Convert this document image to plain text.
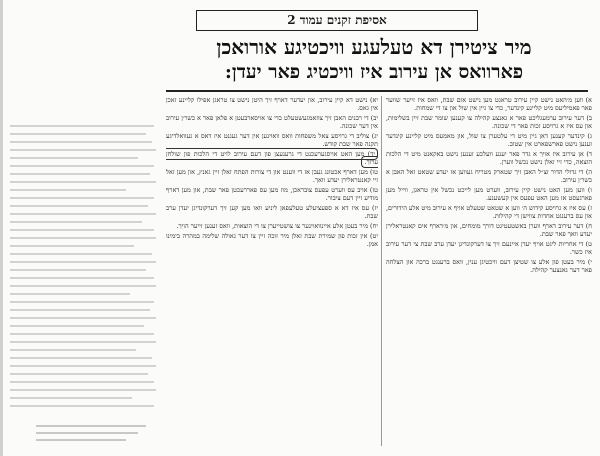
אסיפת זקנים עמוד 2
מיר ציטירן דא טעלעגע וויכטיגע אורואכן
פארוואס אן עירוב איז וויכטיג פאר יעדן:

א) ווען מ׳האט נישט קיין עירוב טראגט מען נישט אום שבת, וואס איז זייער שווער פאר פאמיליעס מיט קליינע קינדער, כדי צו גיין אין שול און צו די שמחות.

ב) דער עירוב ערמעגליכט פאר א גאנצע קהילה צו קענען שומר שבת זיין בשלימות, און עס איז א גרויסע זכות פאר די שכונה.

ג) קינדער קענען דאן גיין מיט די עלטערן צו שול, און מאמעס מיט קליינע קינדער זענען נישט פארשפארט אין שטוב.

ד) אן עירוב איז אויך א גדר פאר יענע וועלכע זענען נישט באקאנט מיט די הלכות הוצאה, כדי זיי זאלן נישט נכשל ווערן.

ה) די גדולי הדור זצ״ל האבן זיך שטארק מטריח געווען אז יעדע שטאט זאל האבן א כשר׳ן עירוב.

ו) ווען מען האט נישט קיין עירוב, ווערט מען לייכט נכשל אין טראגן, ווייל מען פארגעסט אז מען האט עפעס אין קעשענע.

ז) עס איז א גרויסע קידוש ה׳ ווען א שטאט שטעלט אויף א עירוב מיט אלע הידורים, און עס ברענגט אחדות צווישן די קהילות.

ח) דער עירוב דארף ווערן באשטעטיגט דורך מומחים, און מ׳דארף אים קאנטראלירן יעדע וואך פאר שבת.

ט) די אחריות ליגט אויף יעדן איינעם זיך צו דערקונדיגן יעדן ערב שבת צי דער עירוב איז כשר.

י) מיר בעטן פון אלע צו שטיצן דעם וויכטיגן ענין, וואס ברענגט ברכה און הצלחה פאר דער גאנצער קהילה.

יא) נישט דא קיין עירוב, און יעדער דארף זיך היטן נישט צו טראגן אפילו קליינע זאכן אין גאס.

יב) די רבנים האבן זיך צוזאמגעשטעלט כדי צו אויסארבעטן א פלאן פאר א כשר׳ן עירוב אין דער שכונה.

יג) צוליב די גרויסע צאל משפחות וואס וואוינען אין דער געגנט איז דאס א געוואלדיגע תקנה פאר שבת קודש.

יד) מען האט אויסגערעכנט די גרענעצן פון דעם עירוב לויט די הלכות פון שולחן ערוך.

טו) מען דארף אכטונג געבן אז די ווענט און די צורות הפתח זאלן זיין גאנץ, און מען זאל זיי קאנטראלירן יעדע וואך.

טז) אויב עס ווערט עפעס צובראכן, מוז מען עס פאררעכטן פאר שבת, און מען דארף מודיע זיין דעם ציבור.

יז) עס איז דא א ספעציעלע טעלעפאן ליניע וואו מען קען זיך דערקונדיגן יעדן ערב שבת.

יח) מיר בעטן אלע איינוואוינער צו צושטייערן צו די הוצאות, וואס זענען זייער הויך.

יט) אין זכות פון שמירת שבת זאלן מיר זוכה זיין צו דער גאולה שלימה במהרה בימינו אמן.
